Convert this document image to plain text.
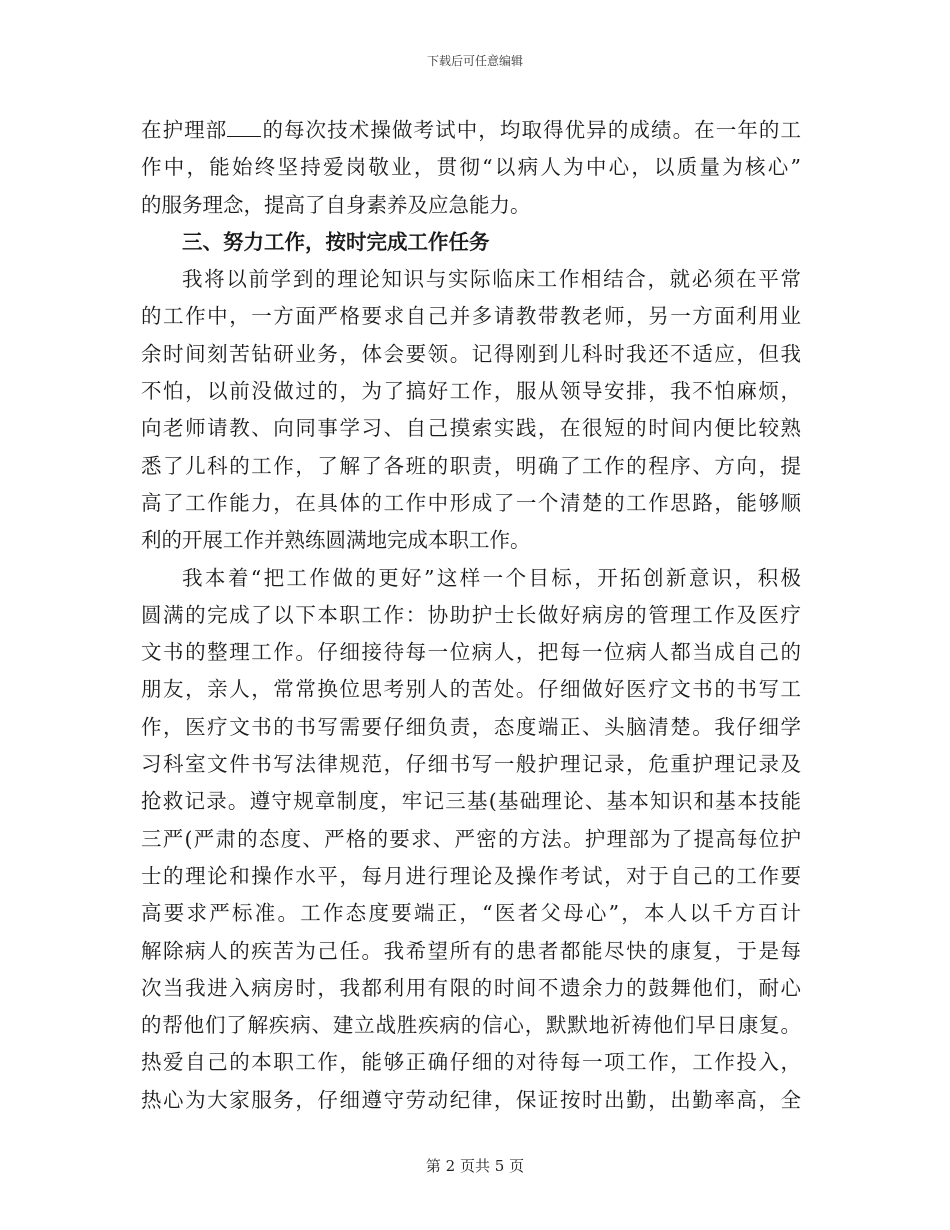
下载后可任意编辑
在护理部 的每次技术操做考试中，均取得优异的成绩。在一年的工
作中，能始终坚持爱岗敬业，贯彻“以病人为中心，以质量为核心”
的服务理念，提高了自身素养及应急能力。
三、努力工作，按时完成工作任务
我将以前学到的理论知识与实际临床工作相结合，就必须在平常
的工作中，一方面严格要求自己并多请教带教老师，另一方面利用业
余时间刻苦钻研业务，体会要领。记得刚到儿科时我还不适应，但我
不怕，以前没做过的，为了搞好工作，服从领导安排，我不怕麻烦，
向老师请教、向同事学习、自己摸索实践，在很短的时间内便比较熟
悉了儿科的工作，了解了各班的职责，明确了工作的程序、方向，提
高了工作能力，在具体的工作中形成了一个清楚的工作思路，能够顺
利的开展工作并熟练圆满地完成本职工作。
我本着“把工作做的更好”这样一个目标，开拓创新意识，积极
圆满的完成了以下本职工作：协助护士长做好病房的管理工作及医疗
文书的整理工作。仔细接待每一位病人，把每一位病人都当成自己的
朋友，亲人，常常换位思考别人的苦处。仔细做好医疗文书的书写工
作，医疗文书的书写需要仔细负责，态度端正、头脑清楚。我仔细学
习科室文件书写法律规范，仔细书写一般护理记录，危重护理记录及
抢救记录。遵守规章制度，牢记三基(基础理论、基本知识和基本技能
三严(严肃的态度、严格的要求、严密的方法。护理部为了提高每位护
士的理论和操作水平，每月进行理论及操作考试，对于自己的工作要
高要求严标准。工作态度要端正，“医者父母心”，本人以千方百计
解除病人的疾苦为己任。我希望所有的患者都能尽快的康复，于是每
次当我进入病房时，我都利用有限的时间不遗余力的鼓舞他们，耐心
的帮他们了解疾病、建立战胜疾病的信心，默默地祈祷他们早日康复。
热爱自己的本职工作，能够正确仔细的对待每一项工作，工作投入，
热心为大家服务，仔细遵守劳动纪律，保证按时出勤，出勤率高，全
第 2 页共 5 页
